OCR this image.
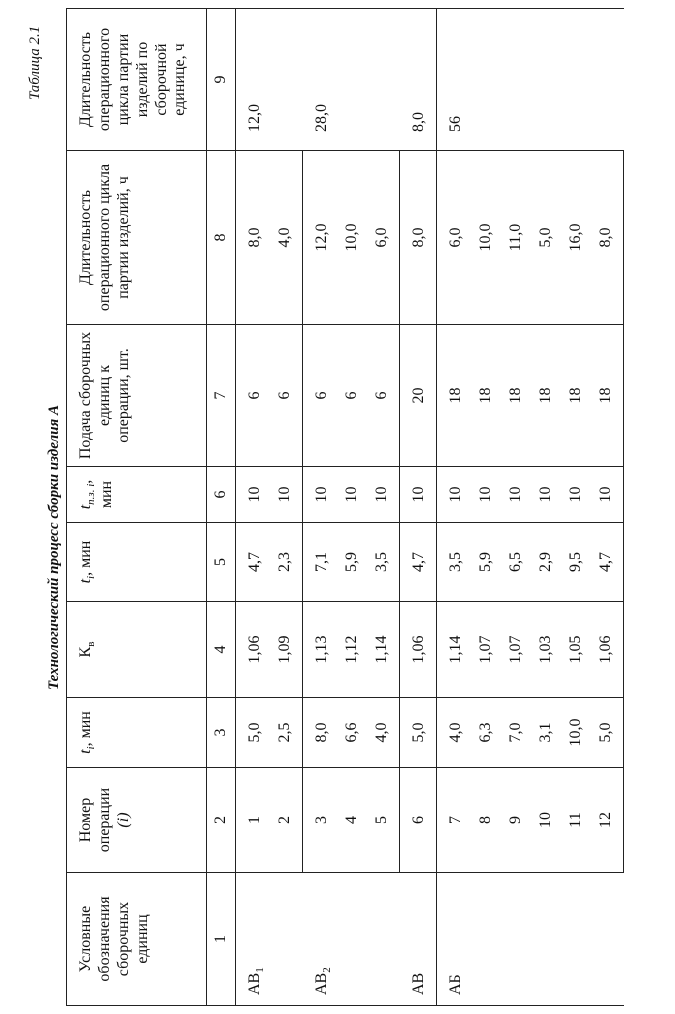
Таблица 2.1
Технологический процесс сборки изделия А
Условные обозначения сборочных единиц	Номер операции (i)	$t_i$, мин	$К_в$	$t_i$, мин	$t_{п.з. i}$, мин	Подача сборочных единиц к операции, шт.	Длительность операционного цикла партии изделий, ч	Длительность операционного цикла партии изделий по сборочной единице, ч
1	2	3	4	5	6	7	8	9
$АВ_1$	1	5,0	1,06	4,7	10	6	8,0	12,0
	2	2,5	1,09	2,3	10	6	4,0	
$АВ_2$	3	8,0	1,13	7,1	10	6	12,0	28,0
	4	6,6	1,12	5,9	10	6	10,0	
	5	4,0	1,14	3,5	10	6	6,0	
АВ	6	5,0	1,06	4,7	10	20	8,0	8,0
АБ	7	4,0	1,14	3,5	10	18	6,0	56
	8	6,3	1,07	5,9	10	18	10,0	
	9	7,0	1,07	6,5	10	18	11,0	
	10	3,1	1,03	2,9	10	18	5,0	
	11	10,0	1,05	9,5	10	18	16,0	
	12	5,0	1,06	4,7	10	18	8,0	
